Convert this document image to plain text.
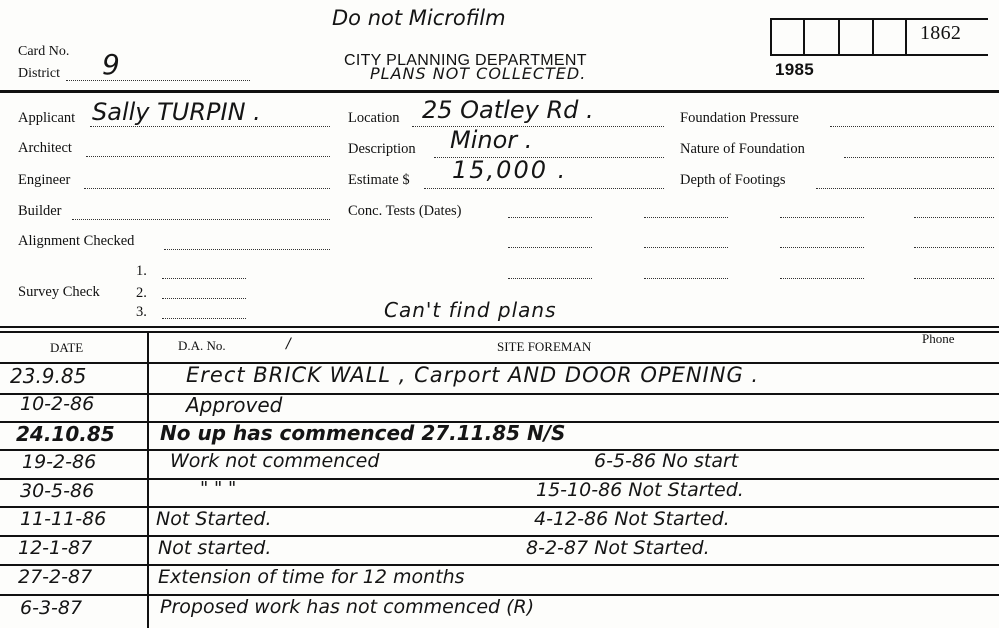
Do not Microfilm
Card No.
District 9	CITY PLANNING DEPARTMENT
PLANS NOT COLLECTED.
1862
1985
Applicant Sally TURPIN .
Architect
Engineer
Builder
Alignment Checked
Survey Check
1.
2.
3.
Location 25 Oatley Rd .
Description Minor .
Estimate $ 15,000 .
Conc. Tests (Dates)
Foundation Pressure
Nature of Foundation
Depth of Footings
Can't find plans
DATE	D.A. No.	/	SITE FOREMAN
Phone
23.9.85	Erect BRICK WALL , Carport AND DOOR OPENING .
10-2-86	Approved
24.10.85 No up has commenced 27.11.85 N/S
19-2-86	Work not commenced	6-5-86 No start
30-5-86	" " "	15-10-86 Not Started.
11-11-86	Not Started.	4-12-86 Not Started.
12-1-87	Not started.	8-2-87 Not Started.
27-2-87	Extension of time for 12 months
6-3-87	Proposed work has not commenced (R)
